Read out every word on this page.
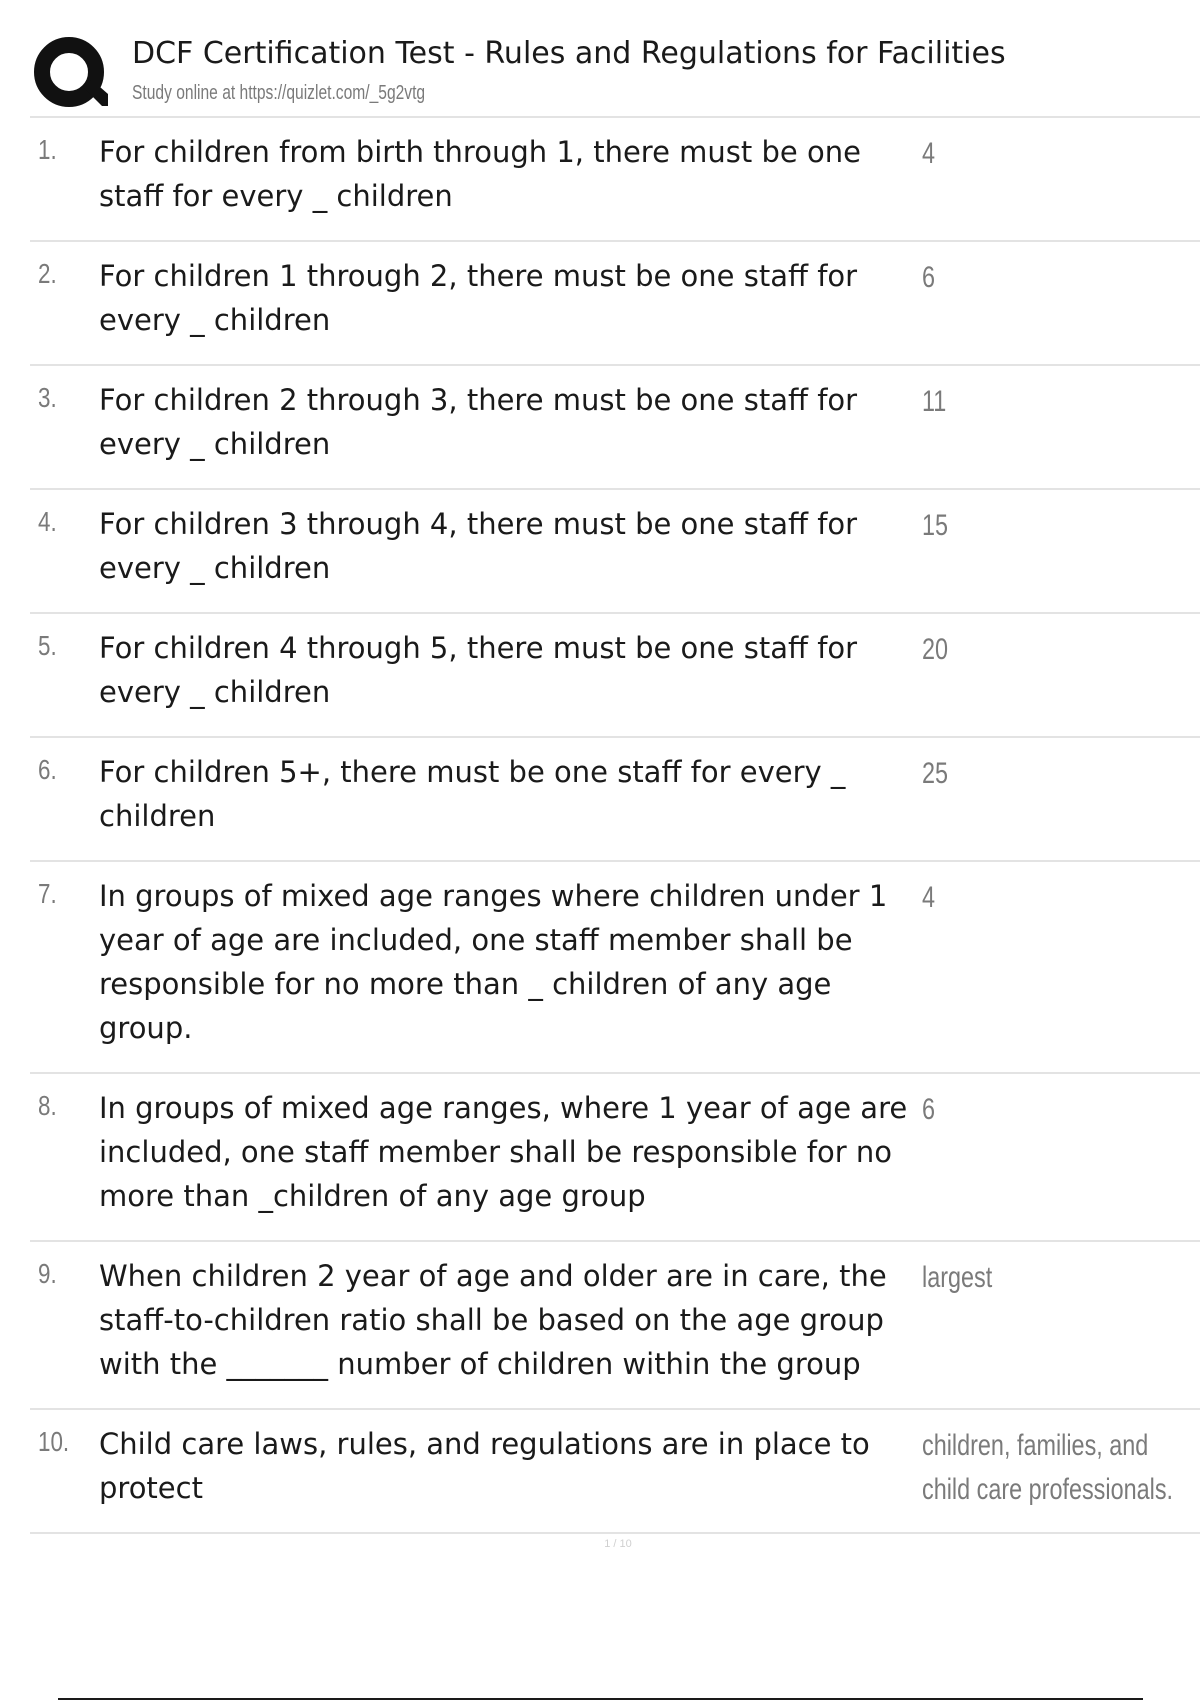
DCF Certification Test - Rules and Regulations for Facilities
Study online at https://quizlet.com/_5g2vtg
1. For children from birth through 1, there must be one staff for every _ children
4
2. For children 1 through 2, there must be one staff for every _ children
6
3. For children 2 through 3, there must be one staff for every _ children
11
4. For children 3 through 4, there must be one staff for every _ children
15
5. For children 4 through 5, there must be one staff for every _ children
20
6. For children 5+, there must be one staff for every _ children
25
7. In groups of mixed age ranges where children under 1 year of age are included, one staff member shall be responsible for no more than _ children of any age group.
4
8. In groups of mixed age ranges, where 1 year of age are included, one staff member shall be responsible for no more than _children of any age group
6
9. When children 2 year of age and older are in care, the staff-to-children ratio shall be based on the age group with the _______ number of children within the group
largest
10. Child care laws, rules, and regulations are in place to protect
children, families, and child care professionals.
1 / 10
